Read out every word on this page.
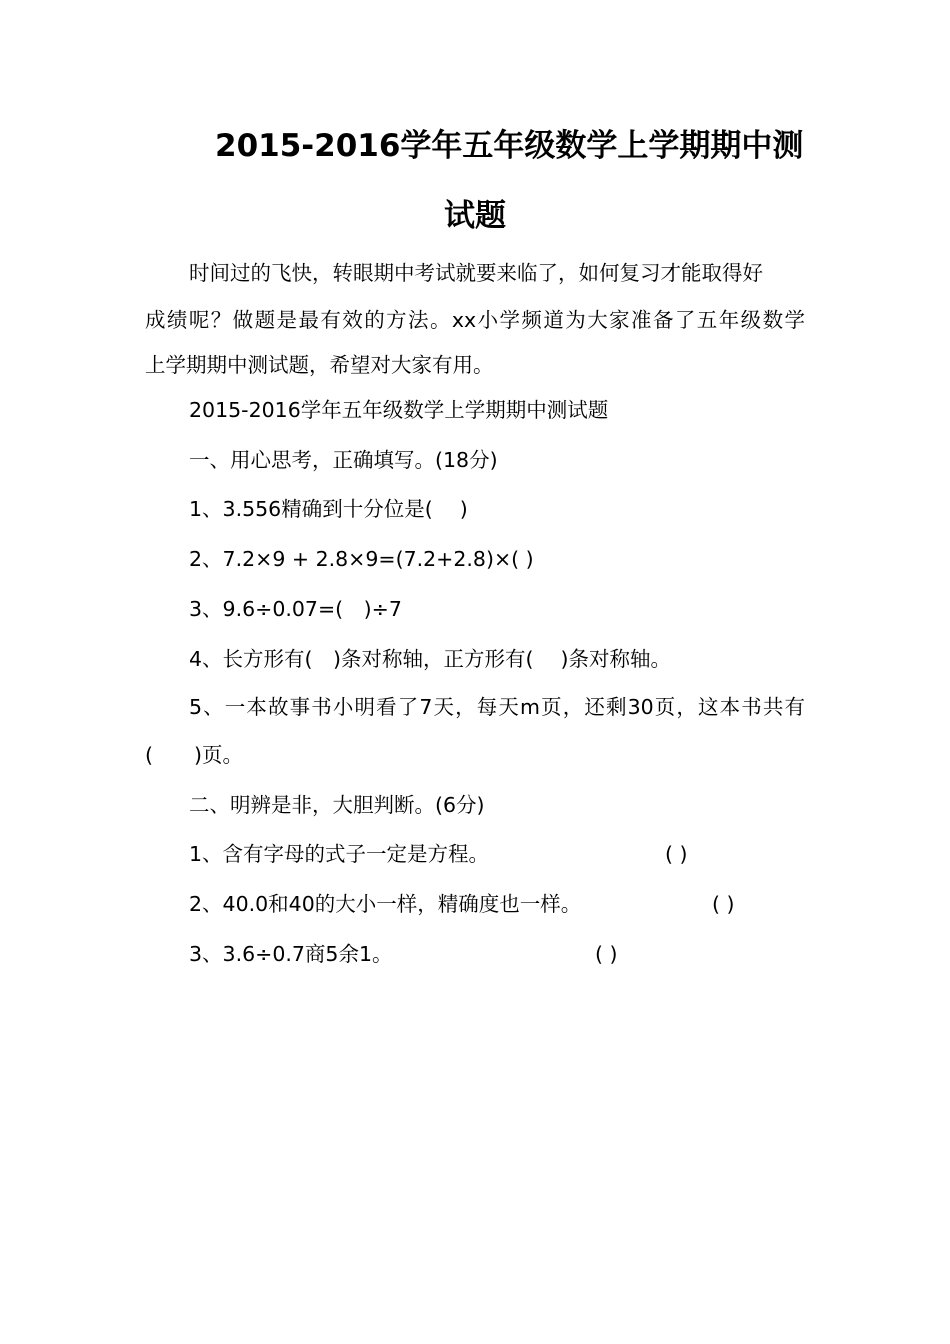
2015-2016学年五年级数学上学期期中测
试题
时间过的飞快，转眼期中考试就要来临了，如何复习才能取得好
成绩呢？做题是最有效的方法。xx小学频道为大家准备了五年级数学
上学期期中测试题，希望对大家有用。
2015-2016学年五年级数学上学期期中测试题
一、用心思考，正确填写。(18分)
1、3.556精确到十分位是(　 )
2、7.2×9 + 2.8×9=(7.2+2.8)×( )
3、9.6÷0.07=(　)÷7
4、长方形有(　)条对称轴，正方形有(　 )条对称轴。
5、一本故事书小明看了7天，每天m页，还剩30页，这本书共有
(　　)页。
二、明辨是非，大胆判断。(6分)
1、含有字母的式子一定是方程。	( )
2、40.0和40的大小一样，精确度也一样。	( )
3、3.6÷0.7商5余1。	( )
